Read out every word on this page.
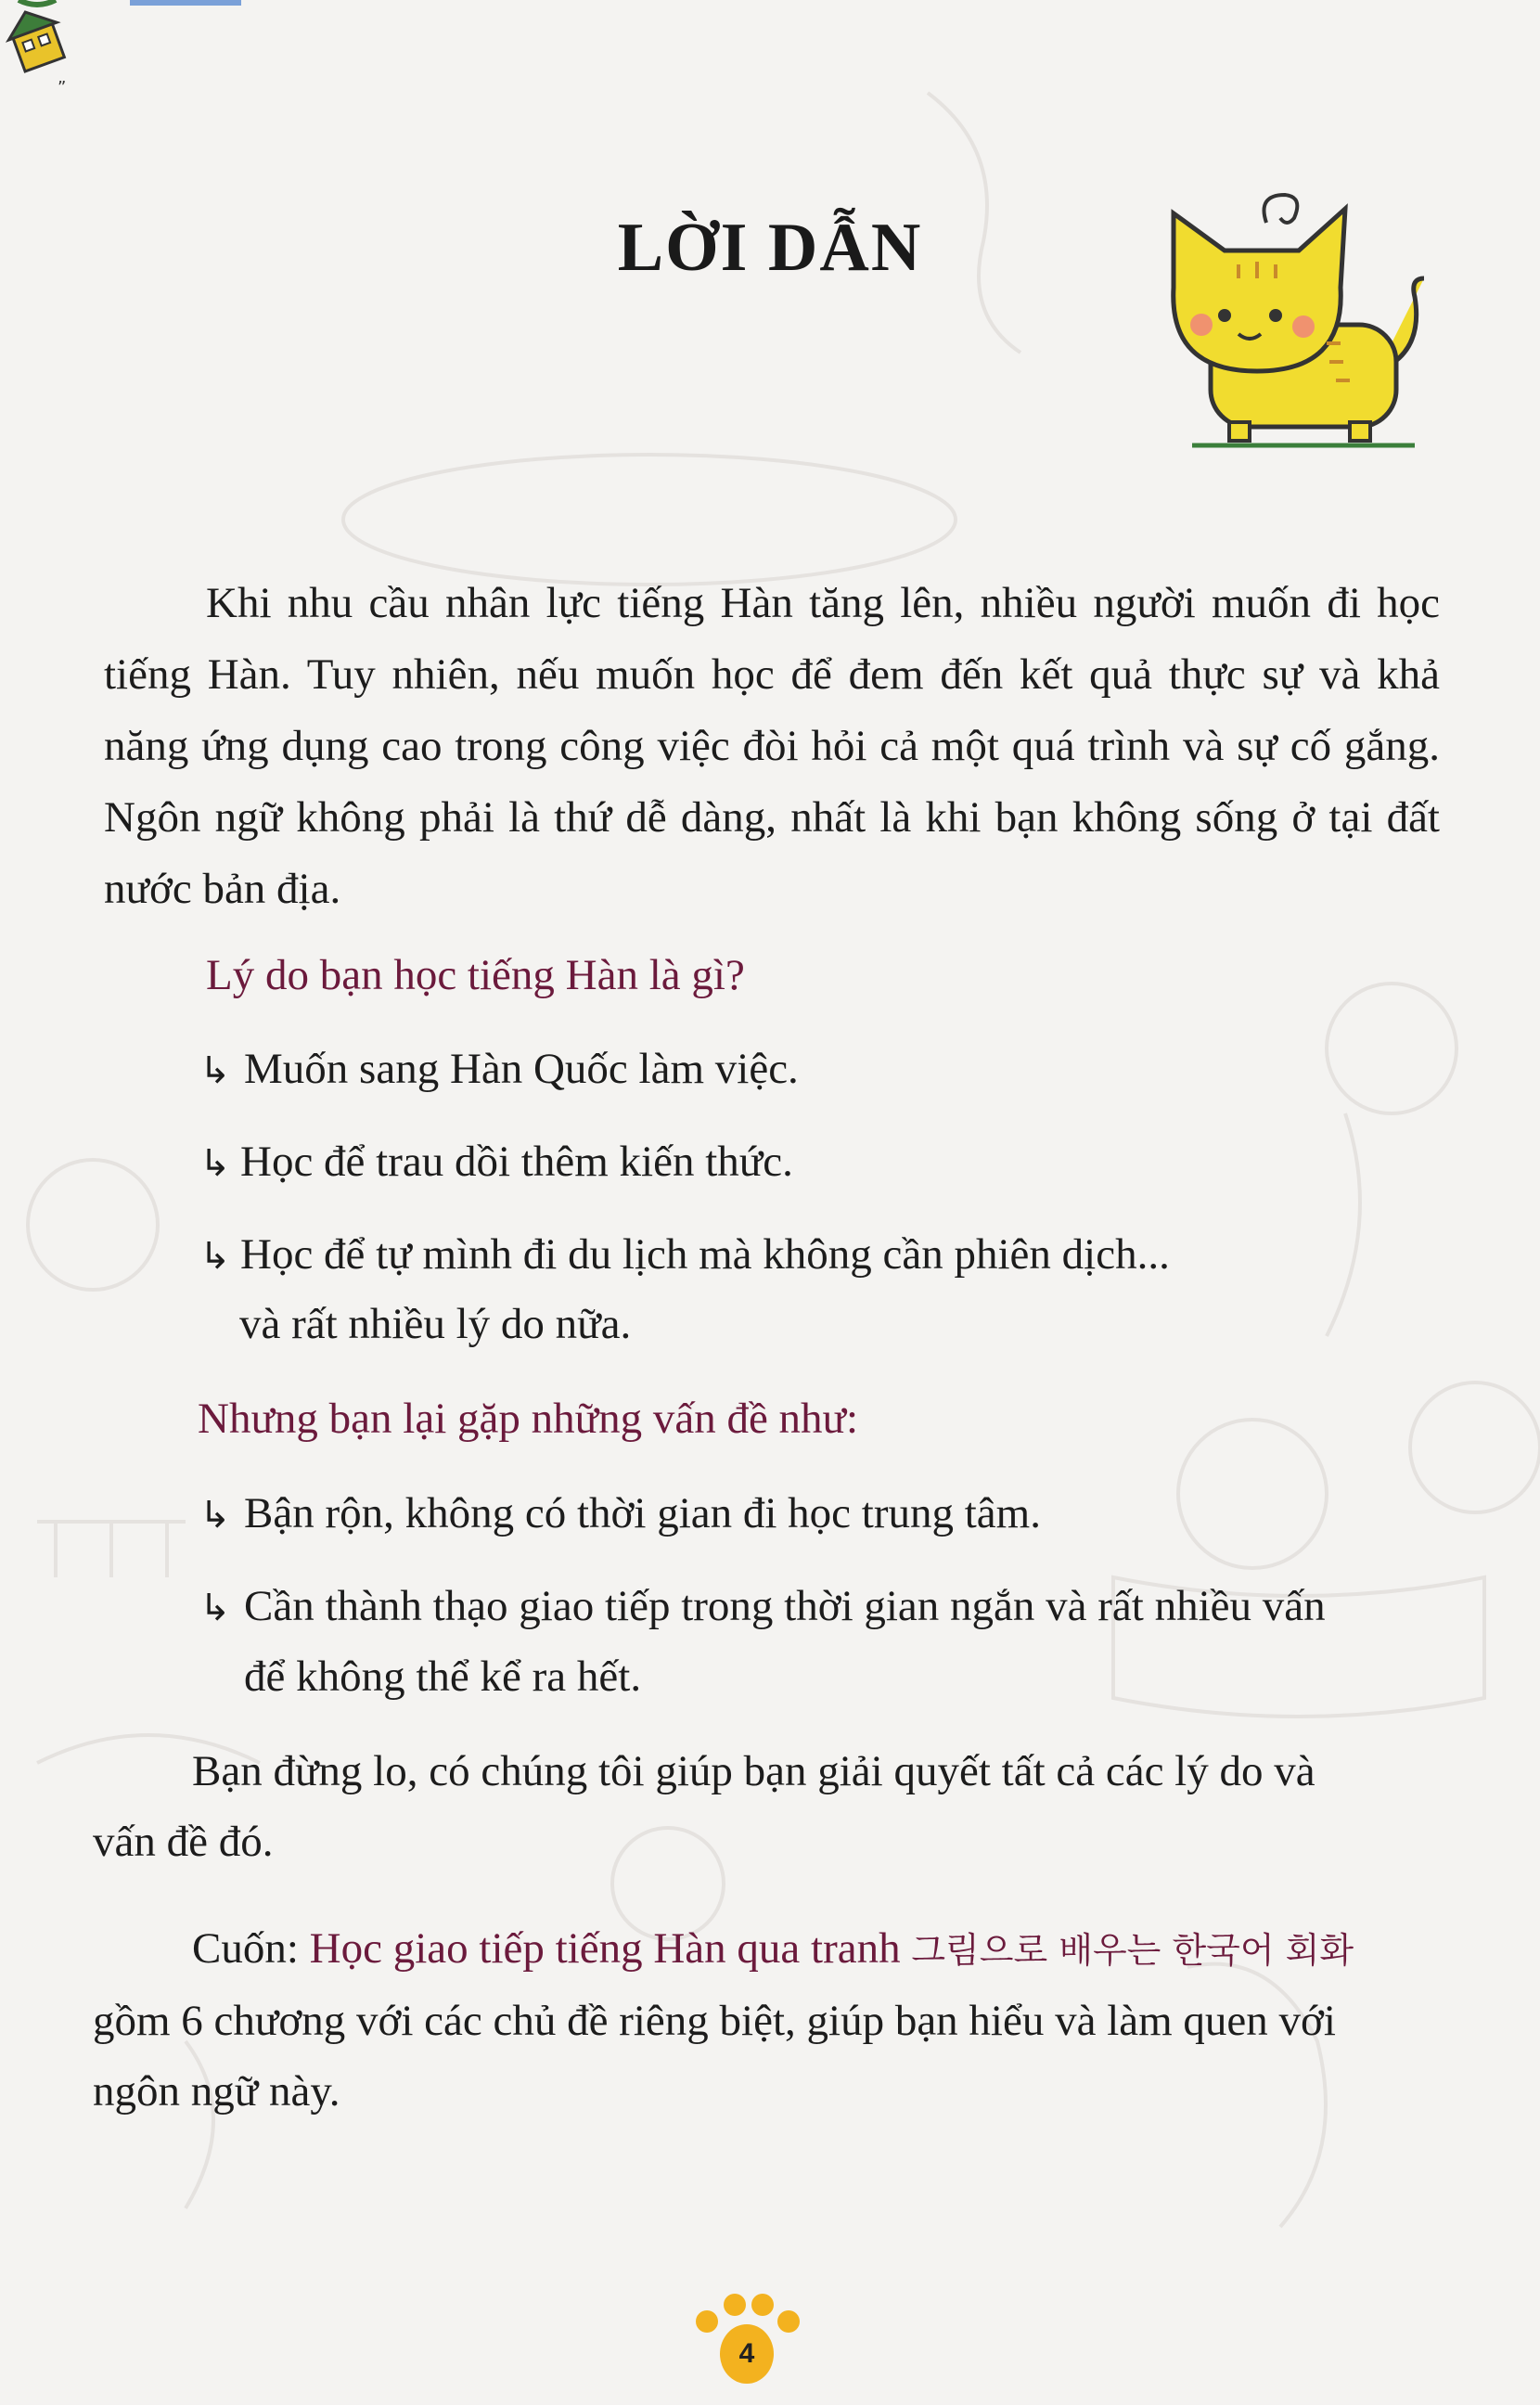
”
LỜI DẪN
Khi nhu cầu nhân lực tiếng Hàn tăng lên, nhiều người muốn đi học tiếng Hàn. Tuy nhiên, nếu muốn học để đem đến kết quả thực sự và khả năng ứng dụng cao trong công việc đòi hỏi cả một quá trình và sự cố gắng. Ngôn ngữ không phải là thứ dễ dàng, nhất là khi bạn không sống ở tại đất nước bản địa.
Lý do bạn học tiếng Hàn là gì?
↳ Muốn sang Hàn Quốc làm việc.
↳ Học để trau dồi thêm kiến thức.
↳ Học để tự mình đi du lịch mà không cần phiên dịch...
và rất nhiều lý do nữa.
Nhưng bạn lại gặp những vấn đề như:
↳ Bận rộn, không có thời gian đi học trung tâm.
↳ Cần thành thạo giao tiếp trong thời gian ngắn và rất nhiều vấn
để không thể kể ra hết.
Bạn đừng lo, có chúng tôi giúp bạn giải quyết tất cả các lý do và
vấn đề đó.
Cuốn: Học giao tiếp tiếng Hàn qua tranh 그림으로 배우는 한국어 회화
gồm 6 chương với các chủ đề riêng biệt, giúp bạn hiểu và làm quen với
ngôn ngữ này.
4
